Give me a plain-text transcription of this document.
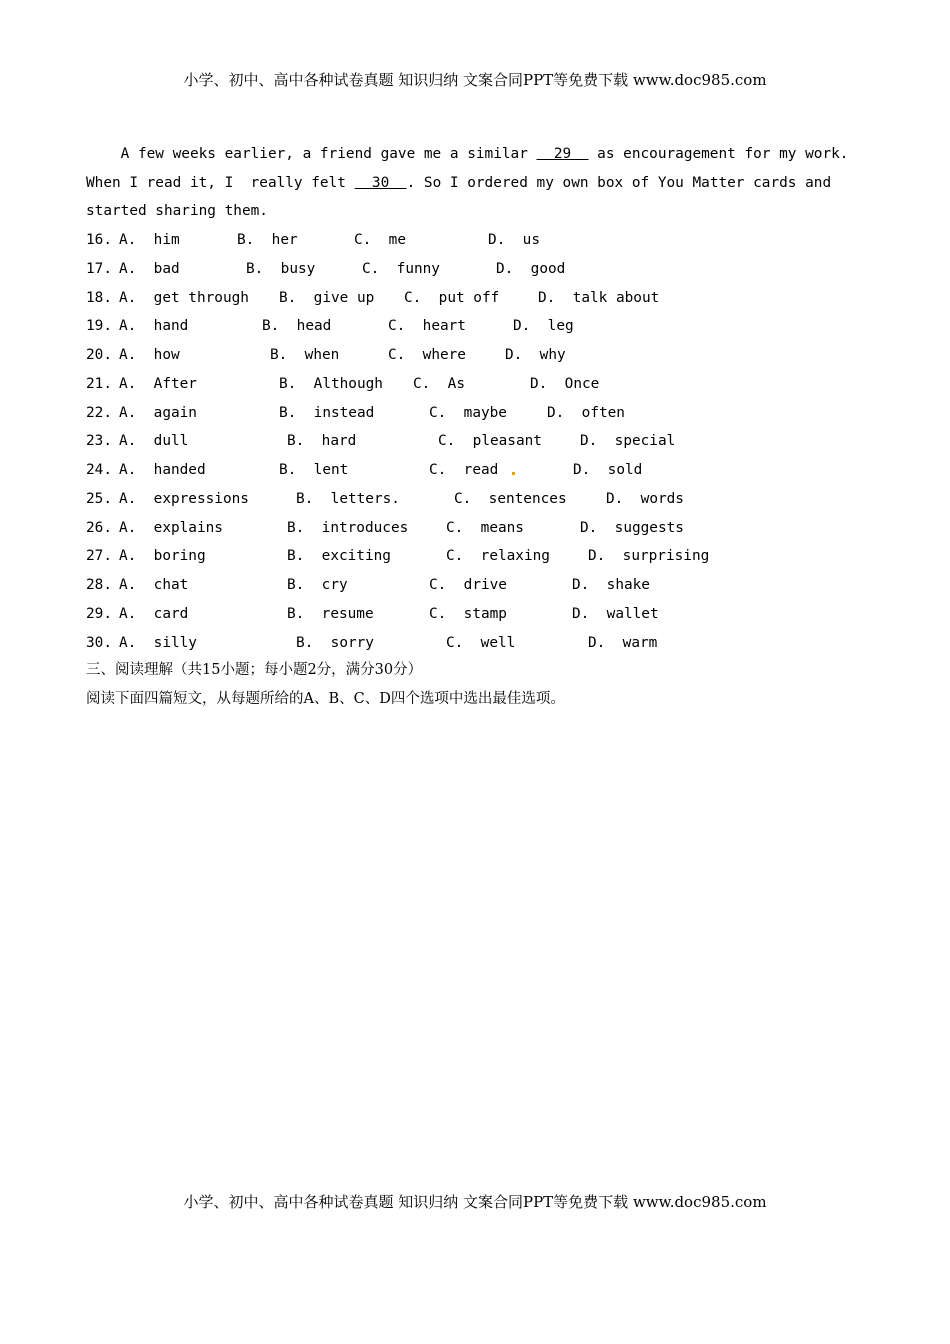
小学、初中、高中各种试卷真题 知识归纳 文案合同PPT等免费下载 www.doc985.com
A few weeks earlier, a friend gave me a similar   29   as encouragement for my work.
When I read it, I  really felt   30  . So I ordered my own box of You Matter cards and
started sharing them.
16. A.  him	B.  her	C.  me	D.  us
17. A.  bad	B.  busy	C.  funny	D.  good
18. A.  get through B.  give up C.  put off	D.  talk about
19. A.  hand	B.  head	C.  heart	D.  leg
20. A.  how	B.  when	C.  where	D.  why
21. A.  After	B.  Although C.  As	D.  Once
22. A.  again	B.  instead	C.  maybe	D.  often
23. A.  dull	B.  hard	C.  pleasant	D.  special
24. A.  handed	B.  lent	C.  read	D.  sold
25. A.  expressions	B.  letters.	C.  sentences	D.  words
26. A.  explains	B.  introduces	C.  means	D.  suggests
27. A.  boring	B.  exciting	C.  relaxing	D.  surprising
28. A.  chat	B.  cry	C.  drive	D.  shake
29. A.  card	B.  resume	C.  stamp	D.  wallet
30. A.  silly	B.  sorry	C.  well	D.  warm
三、阅读理解（共15小题；每小题2分，满分30分）
阅读下面四篇短文，从每题所给的A、B、C、D四个选项中选出最佳选项。
小学、初中、高中各种试卷真题 知识归纳 文案合同PPT等免费下载 www.doc985.com
